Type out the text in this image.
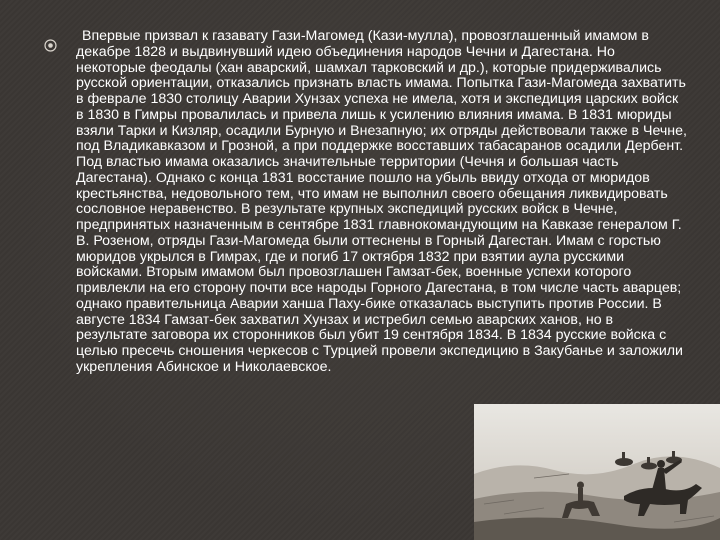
Впервые призвал к газавату Гази-Магомед (Кази-мулла), провозглашенный имамом в декабре 1828 и выдвинувший идею объединения народов Чечни и Дагестана. Но некоторые феодалы (хан аварский, шамхал тарковский и др.), которые придерживались русской ориентации, отказались признать власть имама. Попытка Гази-Магомеда захватить в феврале 1830 столицу Аварии Хунзах успеха не имела, хотя и экспедиция царских войск в 1830 в Гимры провалилась и привела лишь к усилению влияния имама. В 1831 мюриды взяли Тарки и Кизляр, осадили Бурную и Внезапную; их отряды действовали также в Чечне, под Владикавказом и Грозной, а при поддержке восставших табасаранов осадили Дербент. Под властью имама оказались значительные территории (Чечня и большая часть Дагестана). Однако с конца 1831 восстание пошло на убыль ввиду отхода от мюридов крестьянства, недовольного тем, что имам не выполнил своего обещания ликвидировать сословное неравенство. В результате крупных экспедиций русских войск в Чечне, предпринятых назначенным в сентябре 1831 главнокомандующим на Кавказе генералом Г. В. Розеном, отряды Гази-Магомеда были оттеснены в Горный Дагестан. Имам с горстью мюридов укрылся в Гимрах, где и погиб 17 октября 1832 при взятии аула русскими войсками. Вторым имамом был провозглашен Гамзат-бек, военные успехи которого привлекли на его сторону почти все народы Горного Дагестана, в том числе часть аварцев; однако правительница Аварии ханша Паху-бике отказалась выступить против России. В августе 1834 Гамзат-бек захватил Хунзах и истребил семью аварских ханов, но в результате заговора их сторонников был убит 19 сентября 1834. В 1834 русские войска с целью пресечь сношения черкесов с Турцией провели экспедицию в Закубанье и заложили укрепления Абинское и Николаевское.
